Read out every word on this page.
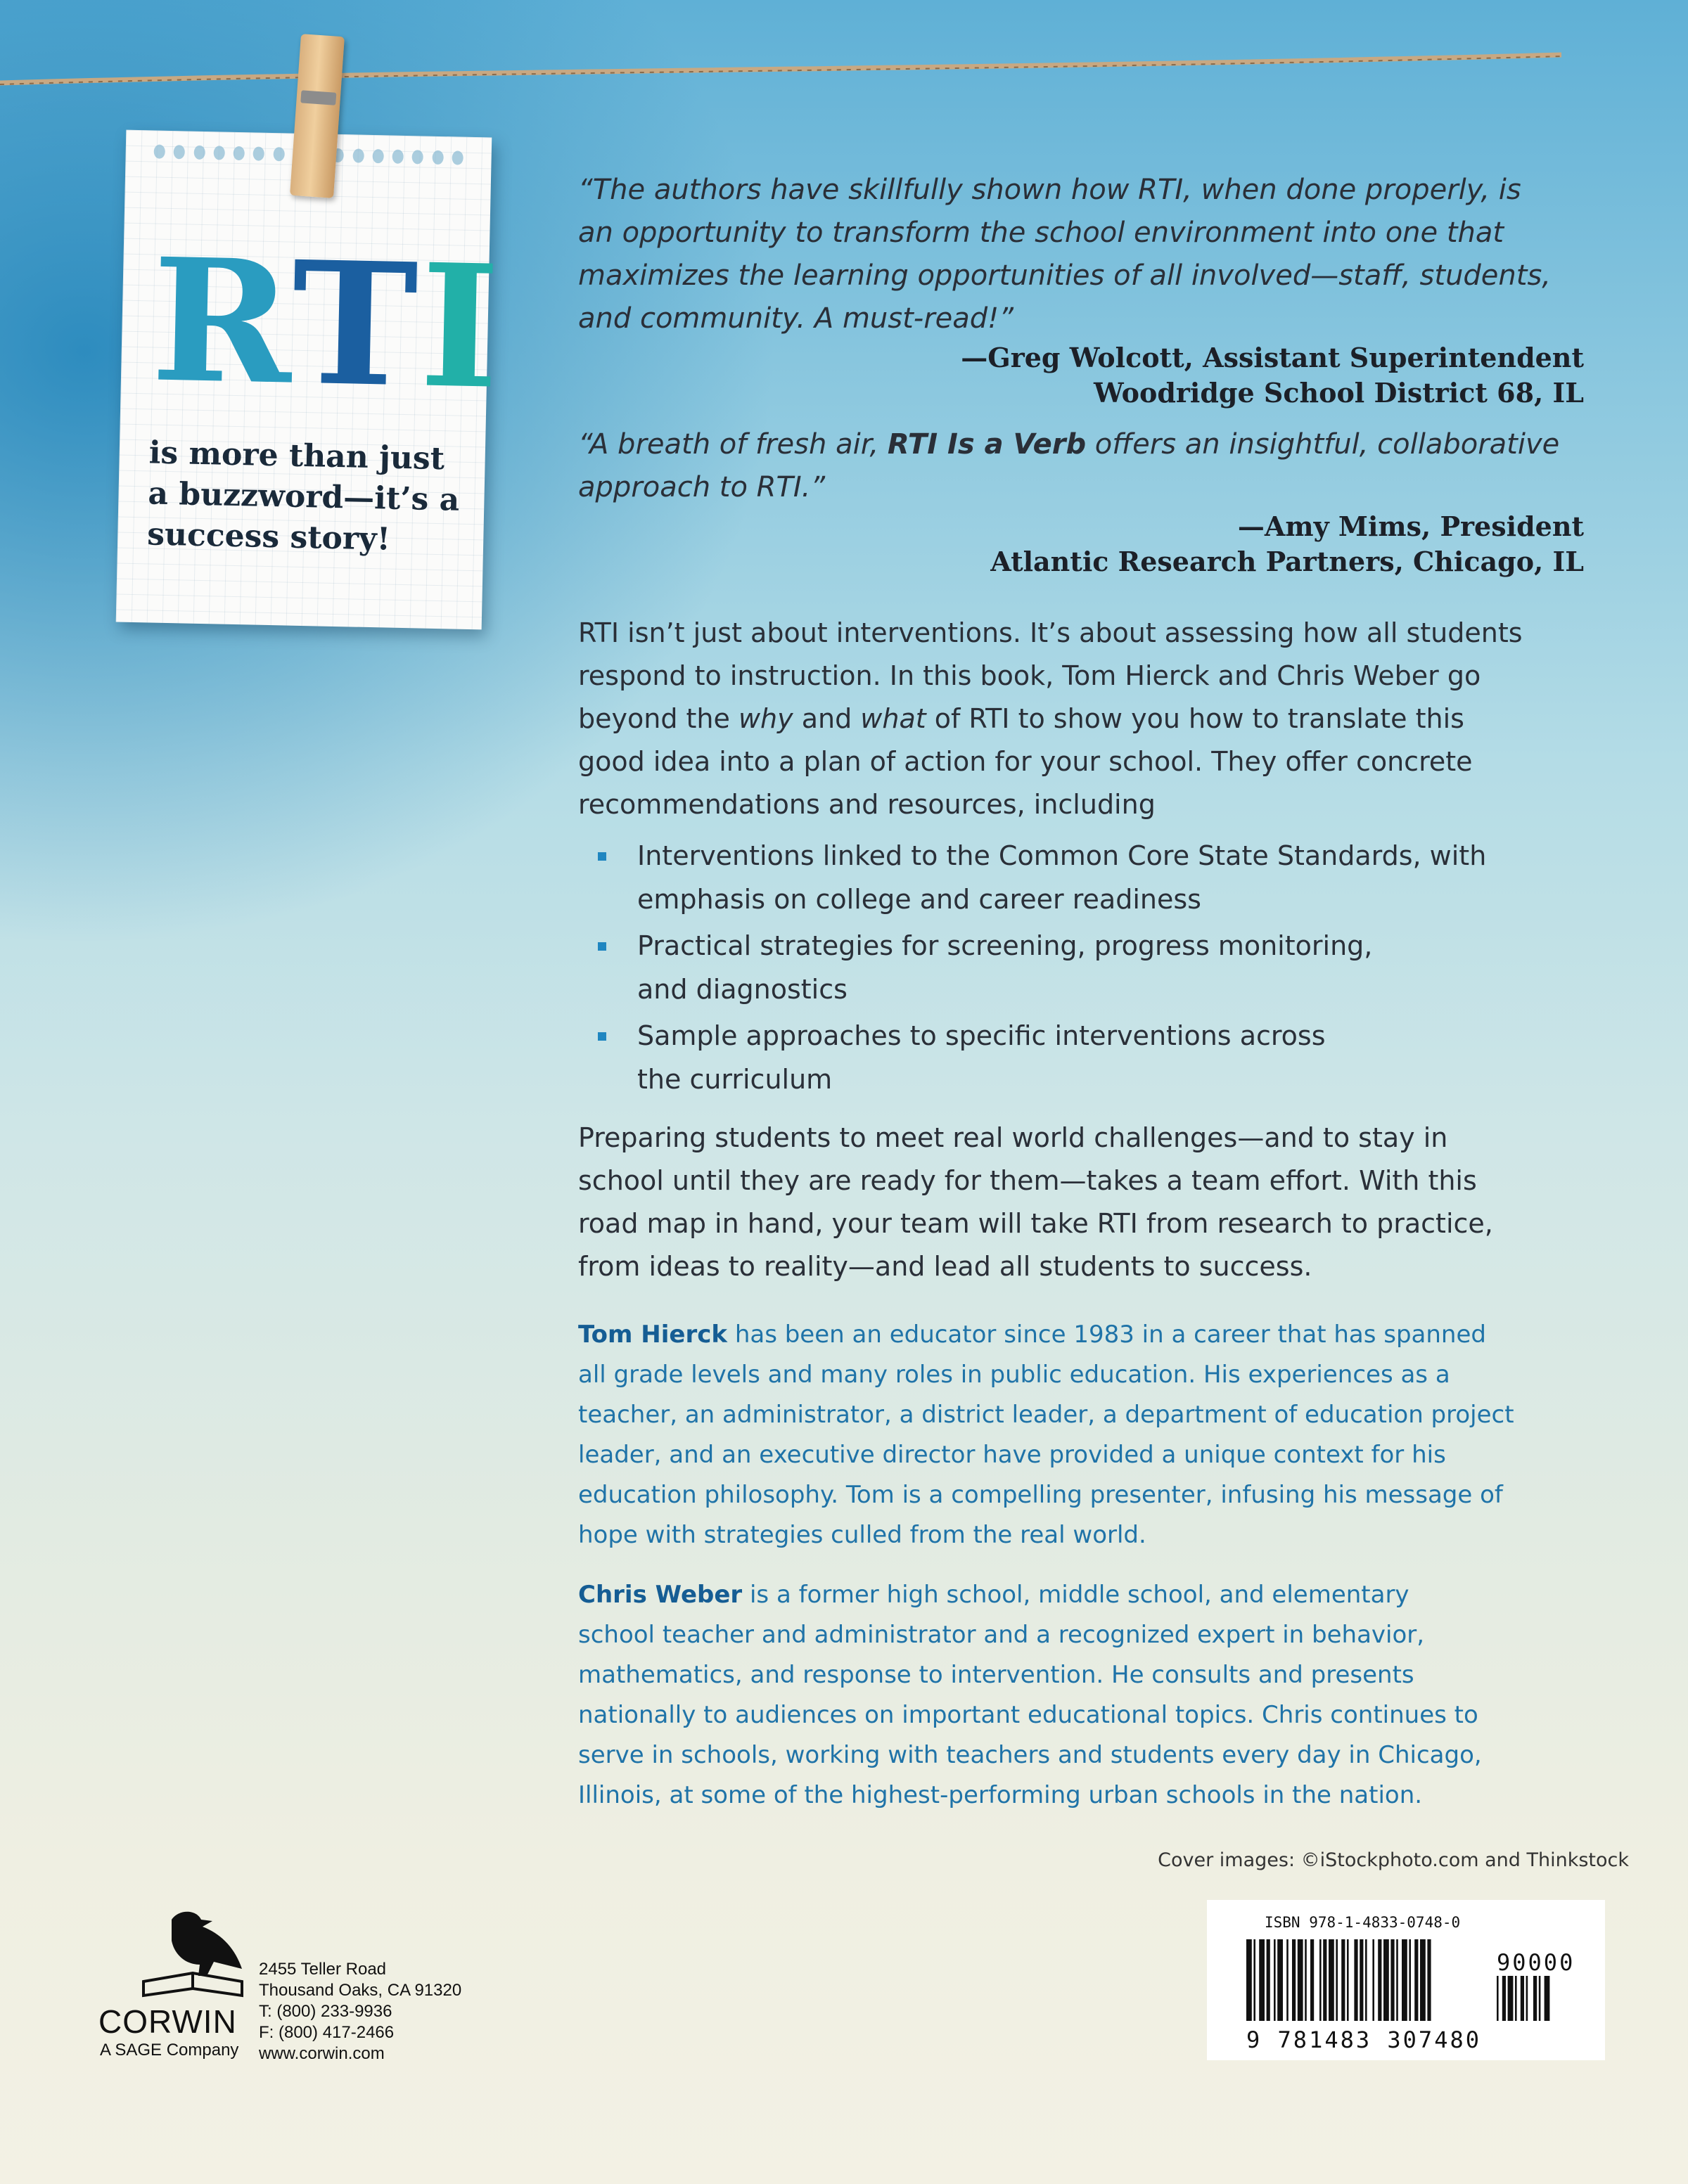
RTI
is more than just
a buzzword—it’s a
success story!
“The authors have skillfully shown how RTI, when done properly, is
an opportunity to transform the school environment into one that
maximizes the learning opportunities of all involved—staff, students,
and community. A must-read!”
—Greg Wolcott, Assistant Superintendent
Woodridge School District 68, IL
“A breath of fresh air, RTI Is a Verb offers an insightful, collaborative
approach to RTI.”
—Amy Mims, President
Atlantic Research Partners, Chicago, IL
RTI isn’t just about interventions. It’s about assessing how all students
respond to instruction. In this book, Tom Hierck and Chris Weber go
beyond the why and what of RTI to show you how to translate this
good idea into a plan of action for your school. They offer concrete
recommendations and resources, including
Interventions linked to the Common Core State Standards, with
emphasis on college and career readiness
Practical strategies for screening, progress monitoring,
and diagnostics
Sample approaches to specific interventions across
the curriculum
Preparing students to meet real world challenges—and to stay in
school until they are ready for them—takes a team effort. With this
road map in hand, your team will take RTI from research to practice,
from ideas to reality—and lead all students to success.
Tom Hierck has been an educator since 1983 in a career that has spanned
all grade levels and many roles in public education. His experiences as a
teacher, an administrator, a district leader, a department of education project
leader, and an executive director have provided a unique context for his
education philosophy. Tom is a compelling presenter, infusing his message of
hope with strategies culled from the real world.
Chris Weber is a former high school, middle school, and elementary
school teacher and administrator and a recognized expert in behavior,
mathematics, and response to intervention. He consults and presents
nationally to audiences on important educational topics. Chris continues to
serve in schools, working with teachers and students every day in Chicago,
Illinois, at some of the highest-performing urban schools in the nation.
Cover images: ©iStockphoto.com and Thinkstock
CORWIN
A SAGE Company
2455 Teller Road
Thousand Oaks, CA 91320
T: (800) 233-9936
F: (800) 417-2466
www.corwin.com
ISBN 978-1-4833-0748-0
90000
9 781483 307480
